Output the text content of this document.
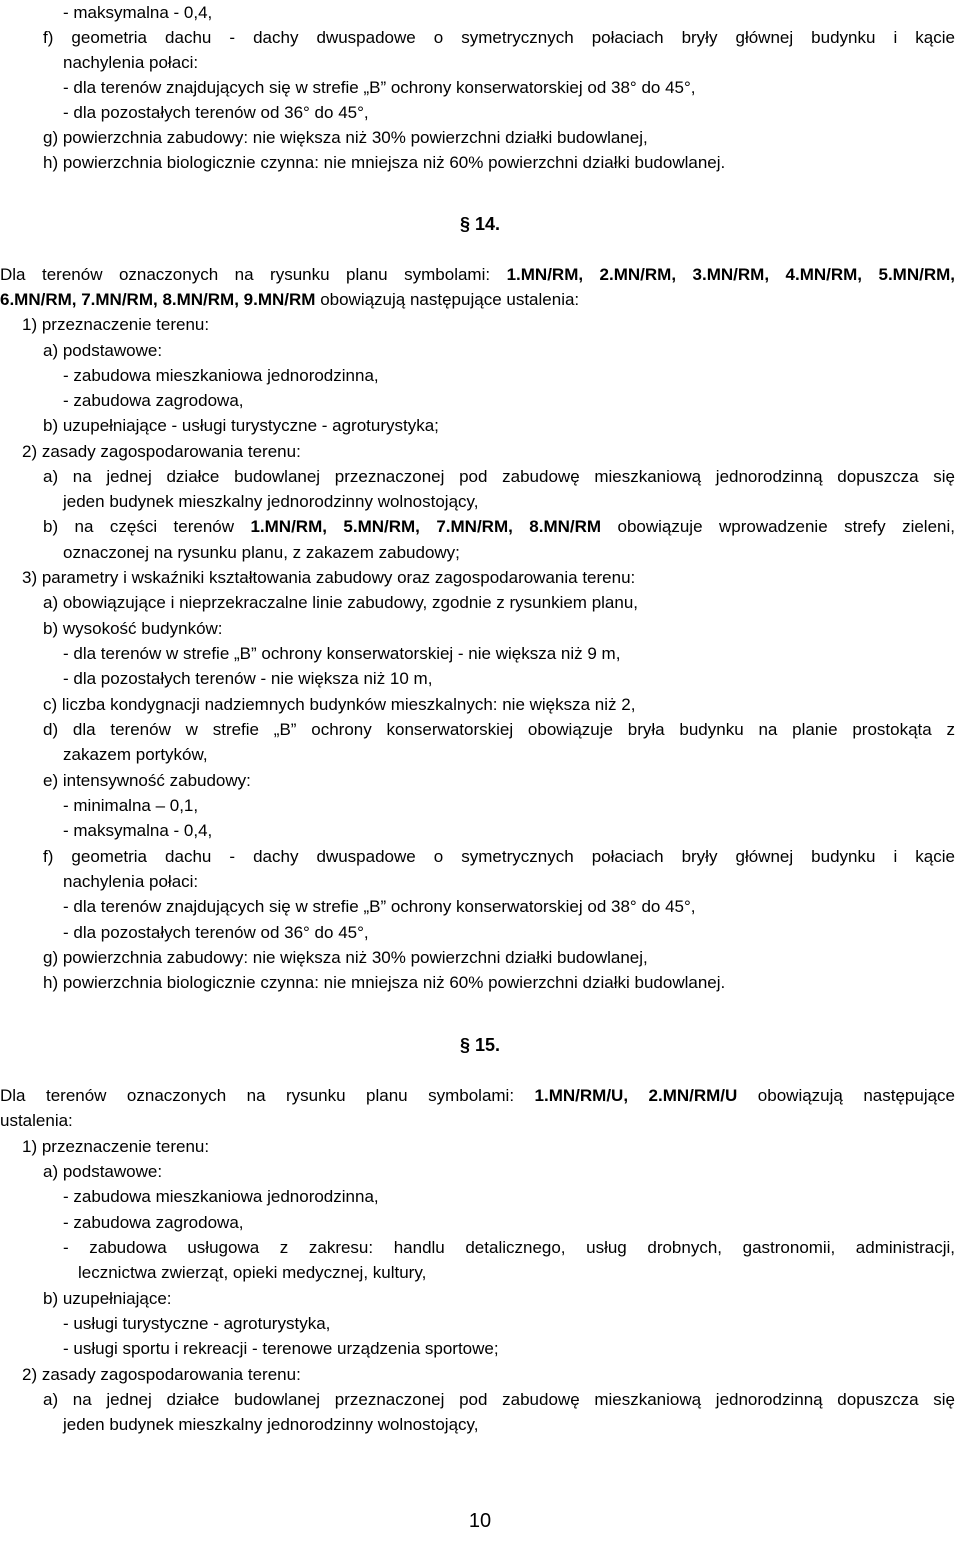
- maksymalna - 0,4,
f) geometria dachu - dachy dwuspadowe o symetrycznych połaciach bryły głównej budynku i kącie
nachylenia połaci:
- dla terenów znajdujących się w strefie „B” ochrony konserwatorskiej od 38° do 45°,
- dla pozostałych terenów od 36° do 45°,
g) powierzchnia zabudowy: nie większa niż 30% powierzchni działki budowlanej,
h) powierzchnia biologicznie czynna: nie mniejsza niż 60% powierzchni działki budowlanej.
§ 14.
Dla terenów oznaczonych na rysunku planu symbolami: 1.MN/RM, 2.MN/RM, 3.MN/RM, 4.MN/RM, 5.MN/RM,
6.MN/RM, 7.MN/RM, 8.MN/RM, 9.MN/RM obowiązują następujące ustalenia:
1) przeznaczenie terenu:
a) podstawowe:
- zabudowa mieszkaniowa jednorodzinna,
- zabudowa zagrodowa,
b) uzupełniające - usługi turystyczne - agroturystyka;
2) zasady zagospodarowania terenu:
a) na jednej działce budowlanej przeznaczonej pod zabudowę mieszkaniową jednorodzinną dopuszcza się
jeden budynek mieszkalny jednorodzinny wolnostojący,
b) na części terenów 1.MN/RM, 5.MN/RM, 7.MN/RM, 8.MN/RM obowiązuje wprowadzenie strefy zieleni,
oznaczonej na rysunku planu, z zakazem zabudowy;
3) parametry i wskaźniki kształtowania zabudowy oraz zagospodarowania terenu:
a) obowiązujące i nieprzekraczalne linie zabudowy, zgodnie z rysunkiem planu,
b) wysokość budynków:
- dla terenów w strefie „B” ochrony konserwatorskiej - nie większa niż 9 m,
- dla pozostałych terenów - nie większa niż 10 m,
c) liczba kondygnacji nadziemnych budynków mieszkalnych: nie większa niż 2,
d) dla terenów w strefie „B” ochrony konserwatorskiej obowiązuje bryła budynku na planie prostokąta z
zakazem portyków,
e) intensywność zabudowy:
- minimalna – 0,1,
- maksymalna - 0,4,
f) geometria dachu - dachy dwuspadowe o symetrycznych połaciach bryły głównej budynku i kącie
nachylenia połaci:
- dla terenów znajdujących się w strefie „B” ochrony konserwatorskiej od 38° do 45°,
- dla pozostałych terenów od 36° do 45°,
g) powierzchnia zabudowy: nie większa niż 30% powierzchni działki budowlanej,
h) powierzchnia biologicznie czynna: nie mniejsza niż 60% powierzchni działki budowlanej.
§ 15.
Dla terenów oznaczonych na rysunku planu symbolami: 1.MN/RM/U, 2.MN/RM/U obowiązują następujące
ustalenia:
1) przeznaczenie terenu:
a) podstawowe:
- zabudowa mieszkaniowa jednorodzinna,
- zabudowa zagrodowa,
- zabudowa usługowa z zakresu: handlu detalicznego, usług drobnych, gastronomii, administracji,
lecznictwa zwierząt, opieki medycznej, kultury,
b) uzupełniające:
- usługi turystyczne - agroturystyka,
- usługi sportu i rekreacji - terenowe urządzenia sportowe;
2) zasady zagospodarowania terenu:
a) na jednej działce budowlanej przeznaczonej pod zabudowę mieszkaniową jednorodzinną dopuszcza się
jeden budynek mieszkalny jednorodzinny wolnostojący,
10
